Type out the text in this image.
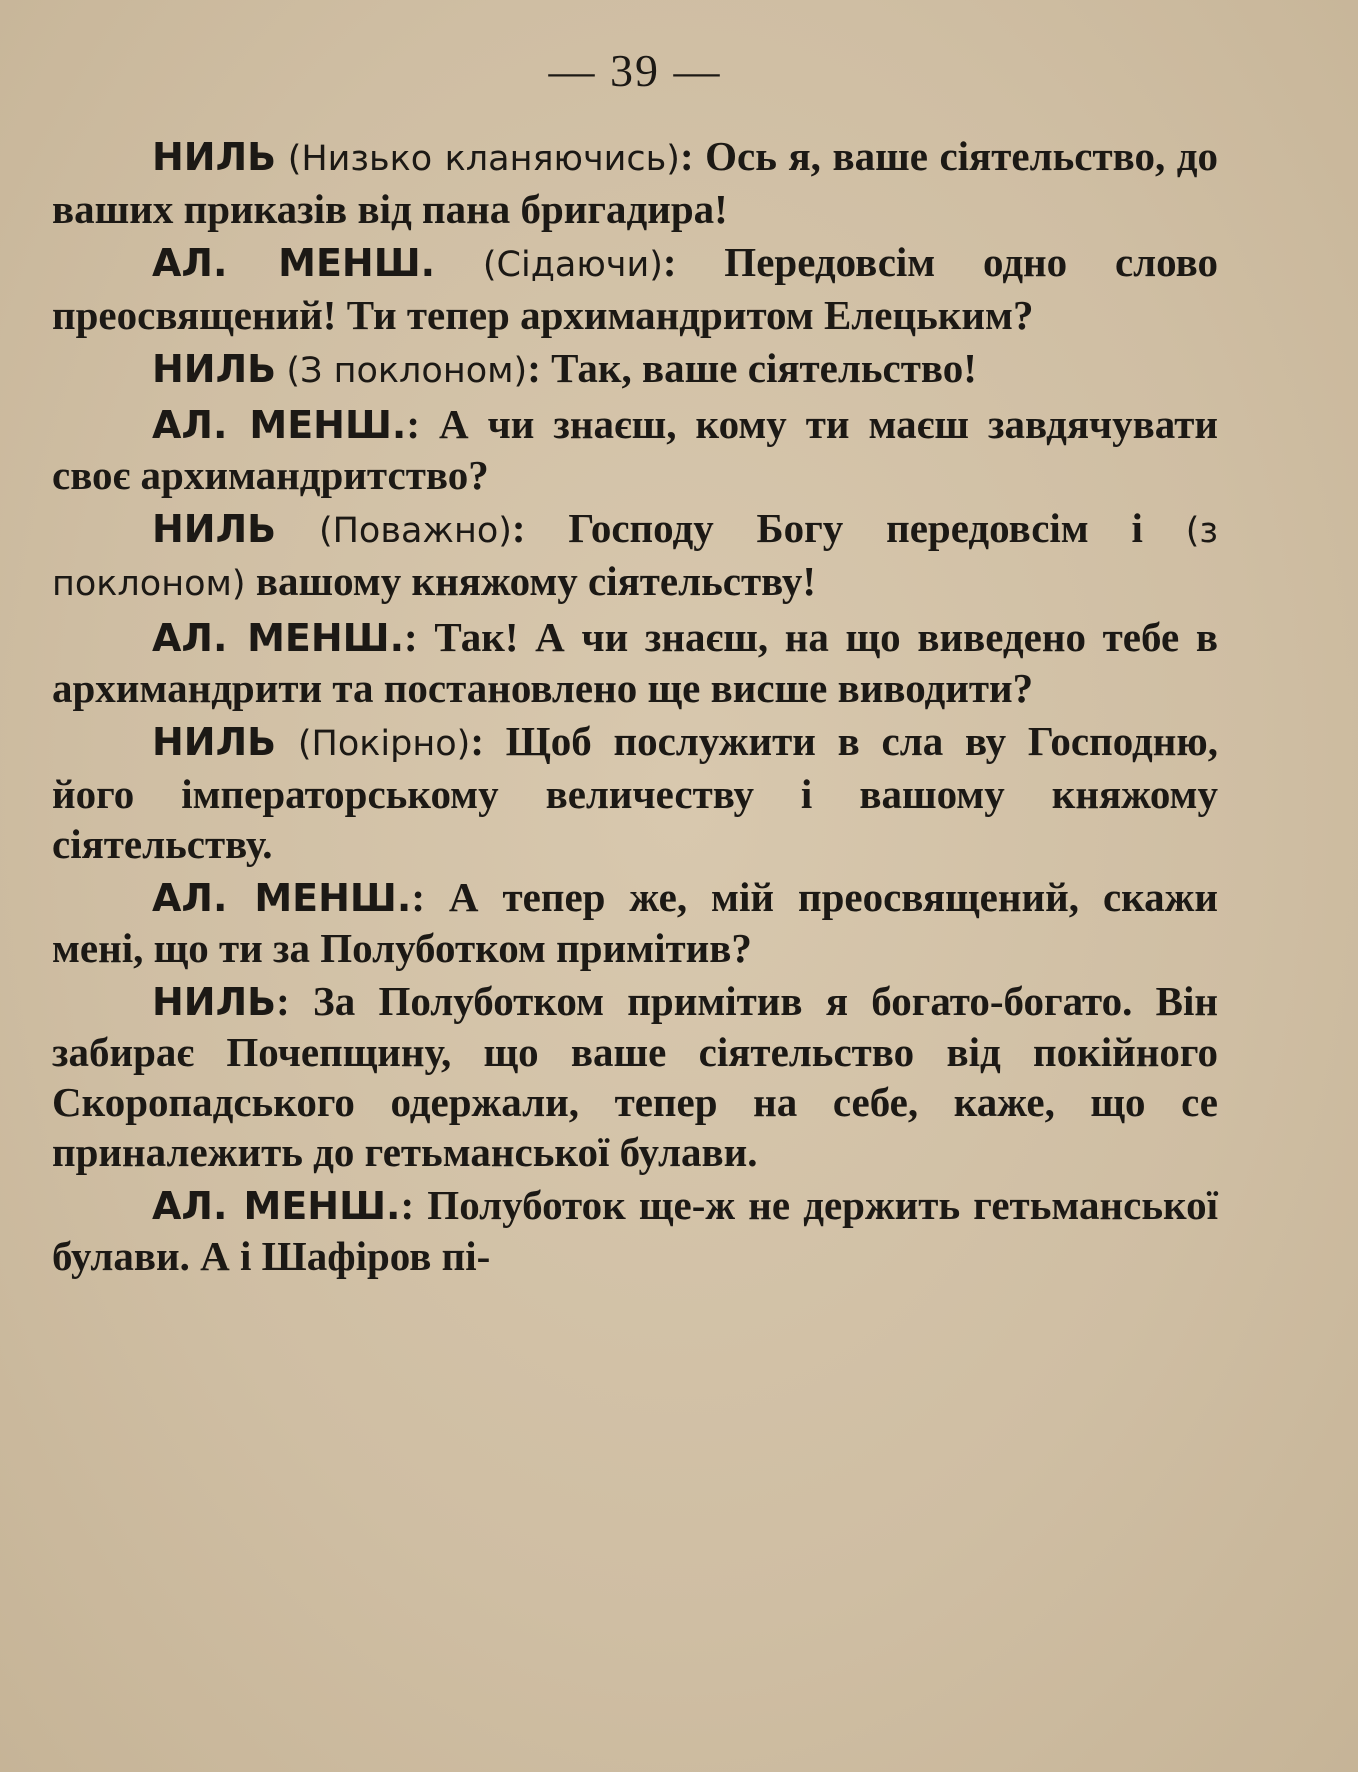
— 39 —

НИЛЬ (Низько кланяючись): Ось я, ваше сіятельство, до ваших приказів від пана бригадира!

АЛ. МЕНШ. (Сідаючи): Передовсім одно слово преосвящений! Ти тепер архимандритом Елецьким?

НИЛЬ (З поклоном): Так, ваше сіятельство!

АЛ. МЕНШ.: А чи знаєш, кому ти маєш завдячувати своє архимандритство?

НИЛЬ (Поважно): Господу Богу передовсім і (з поклоном) вашому княжому сіятельству!

АЛ. МЕНШ.: Так! А чи знаєш, на що виведено тебе в архимандрити та постановлено ще висше виводити?

НИЛЬ (Покірно): Щоб послужити в сла ву Господню, його імператорському величеству і вашому княжому сіятельству.

АЛ. МЕНШ.: А тепер же, мій преосвящений, скажи мені, що ти за Полуботком примітив?

НИЛЬ: За Полуботком примітив я богато-богато. Він забирає Почепщину, що ваше сіятельство від покійного Скоропадського одержали, тепер на себе, каже, що се приналежить до гетьманської булави.

АЛ. МЕНШ.: Полуботок ще-ж не держить гетьманської булави. А і Шафіров пі-
